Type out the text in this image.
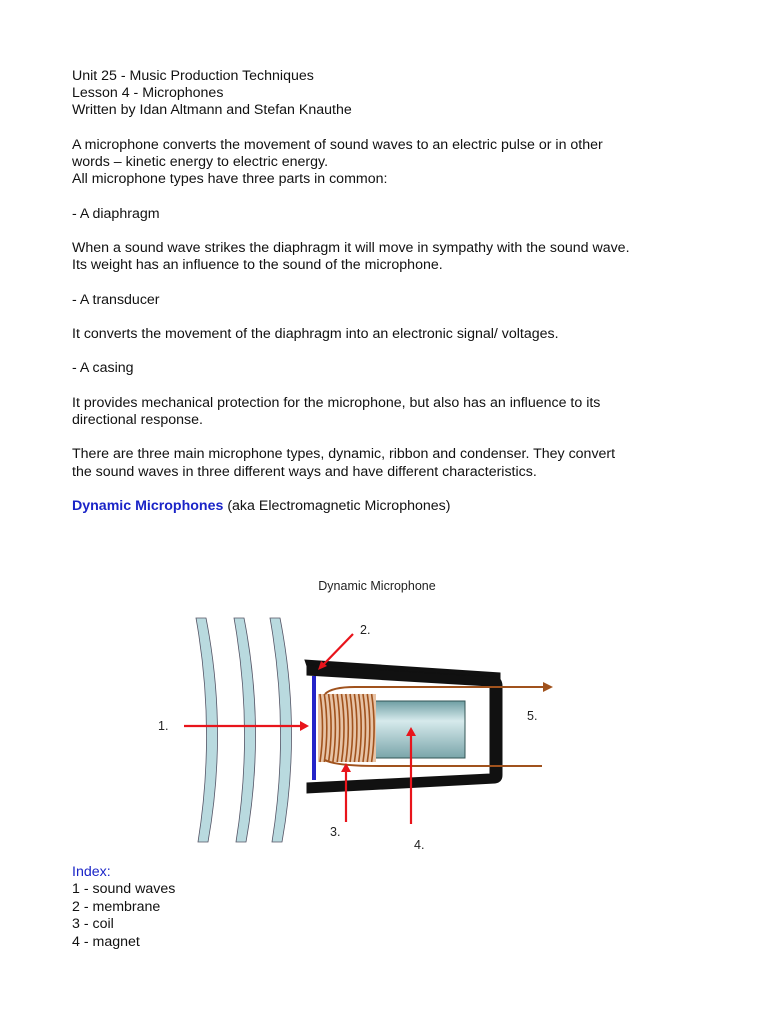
Unit 25 - Music Production Techniques

Lesson 4 - Microphones

Written by Idan Altmann and Stefan Knauthe

A microphone converts the movement of sound waves to an electric pulse or in other

words – kinetic energy to electric energy.

All microphone types have three parts in common:

- A diaphragm

When a sound wave strikes the diaphragm it will move in sympathy with the sound wave.

Its weight has an influence to the sound of the microphone.

- A transducer

It converts the movement of the diaphragm into an electronic signal/ voltages.

- A casing

It provides mechanical protection for the microphone, but also has an influence to its

directional response.

There are three main microphone types, dynamic, ribbon and condenser. They convert

the sound waves in three different ways and have different characteristics.

Dynamic Microphones (aka Electromagnetic Microphones)

Dynamic Microphone
1.
2.
3.
4.
5.
Index:
1 - sound waves
2 - membrane
3 - coil
4 - magnet
